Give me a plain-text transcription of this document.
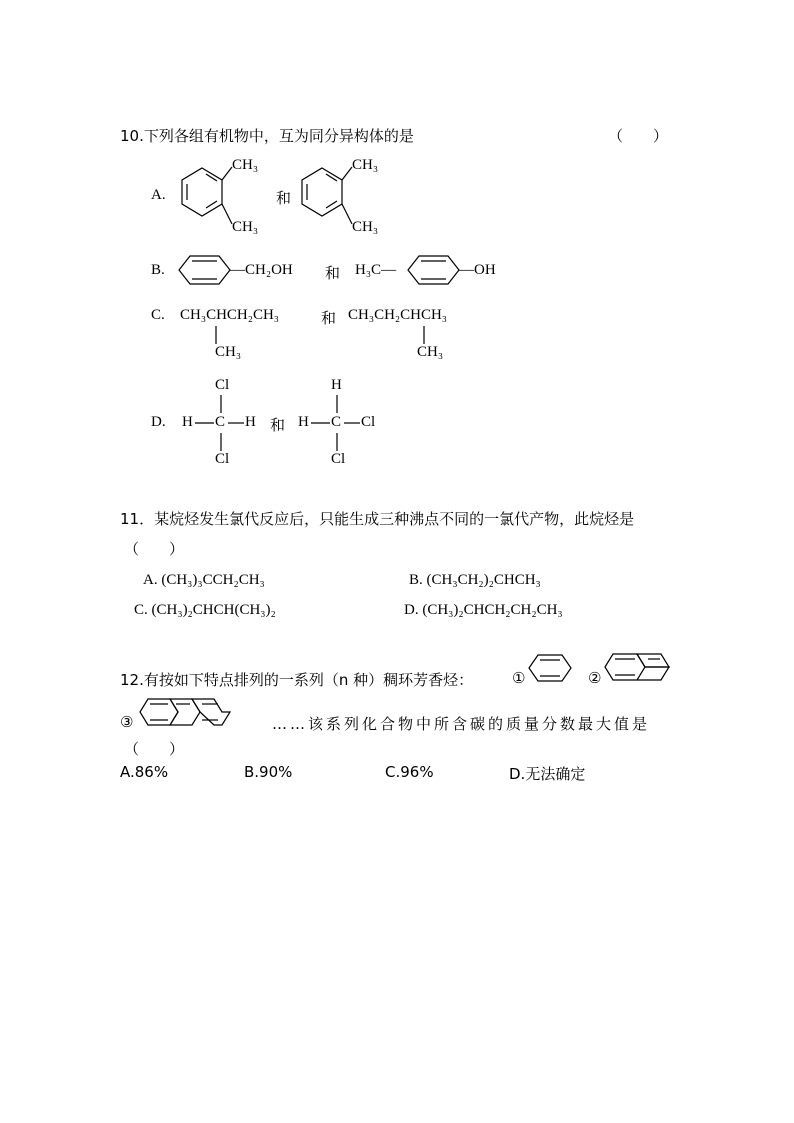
10.下列各组有机物中，互为同分异构体的是	（　　）
A.
CH₃
CH₃
和
CH₃
CH₃
B.	—CH₂OH 和 H₃C—	—OH
C. CH₃CHCH₂CH₃
CH₃
和 CH₃CH₂CHCH₃
CH₃
D.
Cl
H C H
Cl
和
H
H C Cl
Cl
11．某烷烃发生氯代反应后，只能生成三种沸点不同的一氯代产物，此烷烃是
（　　）
A. (CH₃)₃CCH₂CH₃	B. (CH₃CH₂)₂CHCH₃
C. (CH₃)₂CHCH(CH₃)₂	D. (CH₃)₂CHCH₂CH₂CH₃
12.有按如下特点排列的一系列（n 种）稠环芳香烃：	①	②
③	……该系列化合物中所含碳的质量分数最大值是
（　　）
A.86%	B.90%	C.96%	D.无法确定
